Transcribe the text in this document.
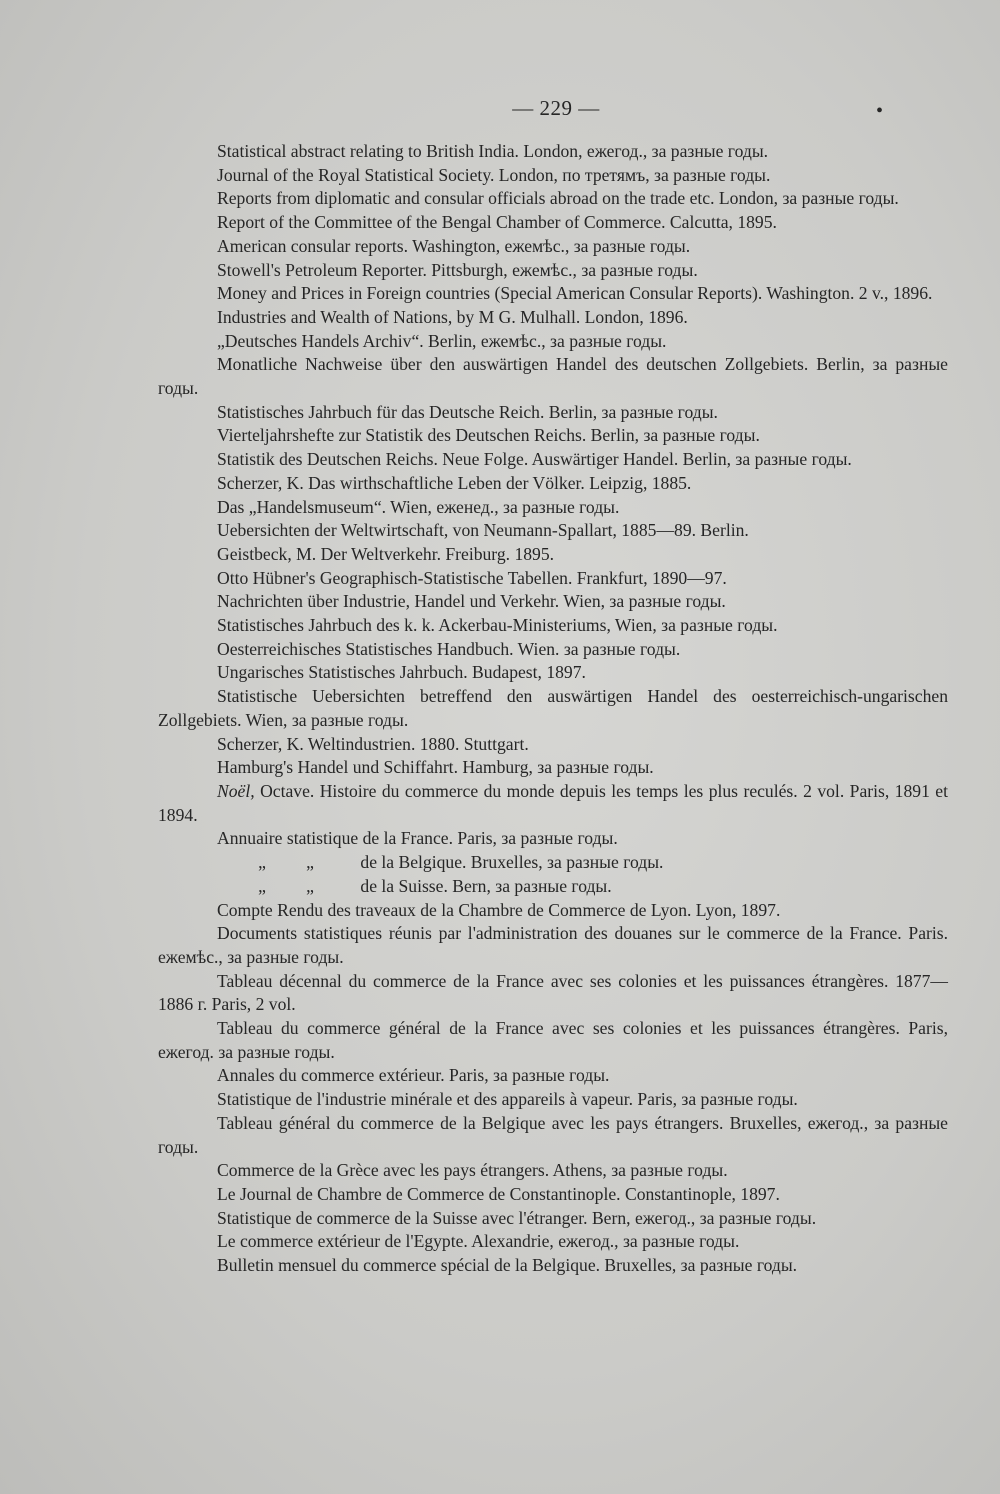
— 229 —	•

Statistical abstract relating to British India. London, ежегод., за разные годы.

Journal of the Royal Statistical Society. London, по третямъ, за разные годы.

Reports from diplomatic and consular officials abroad on the trade etc. London, за разные годы.

Report of the Committee of the Bengal Chamber of Commerce. Calcutta, 1895.

American consular reports. Washington, ежемѣс., за разные годы.

Stowell's Petroleum Reporter. Pittsburgh, ежемѣс., за разные годы.

Money and Prices in Foreign countries (Special American Consular Reports). Washington. 2 v., 1896.

Industries and Wealth of Nations, by M G. Mulhall. London, 1896.

„Deutsches Handels Archiv“. Berlin, ежемѣс., за разные годы.

Monatliche Nachweise über den auswärtigen Handel des deutschen Zollgebiets. Berlin, за разные годы.

Statistisches Jahrbuch für das Deutsche Reich. Berlin, за разные годы.

Vierteljahrshefte zur Statistik des Deutschen Reichs. Berlin, за разные годы.

Statistik des Deutschen Reichs. Neue Folge. Auswärtiger Handel. Berlin, за разные годы.

Scherzer, K. Das wirthschaftliche Leben der Völker. Leipzig, 1885.

Das „Handelsmuseum“. Wien, еженед., за разные годы.

Uebersichten der Weltwirtschaft, von Neumann-Spallart, 1885—89. Berlin.

Geistbeck, M. Der Weltverkehr. Freiburg. 1895.

Otto Hübner's Geographisch-Statistische Tabellen. Frankfurt, 1890—97.

Nachrichten über Industrie, Handel und Verkehr. Wien, за разные годы.

Statistisches Jahrbuch des k. k. Ackerbau-Ministeriums, Wien, за разные годы.

Oesterreichisches Statistisches Handbuch. Wien. за разные годы.

Ungarisches Statistisches Jahrbuch. Budapest, 1897.

Statistische Uebersichten betreffend den auswärtigen Handel des oesterreichisch-ungarischen Zollgebiets. Wien, за разные годы.

Scherzer, K. Weltindustrien. 1880. Stuttgart.

Hamburg's Handel und Schiffahrt. Hamburg, за разные годы.

Noël, Octave. Histoire du commerce du monde depuis les temps les plus reculés. 2 vol. Paris, 1891 et 1894.

Annuaire statistique de la France. Paris, за разные годы.

„ „	de la Belgique. Bruxelles, за разные годы.

„ „	de la Suisse. Bern, за разные годы.

Compte Rendu des traveaux de la Chambre de Commerce de Lyon. Lyon, 1897.

Documents statistiques réunis par l'administration des douanes sur le commerce de la France. Paris. ежемѣс., за разные годы.

Tableau décennal du commerce de la France avec ses colonies et les puissances étrangères. 1877—1886 г. Paris, 2 vol.

Tableau du commerce général de la France avec ses colonies et les puissances étrangères. Paris, ежегод. за разные годы.

Annales du commerce extérieur. Paris, за разные годы.

Statistique de l'industrie minérale et des appareils à vapeur. Paris, за разные годы.

Tableau général du commerce de la Belgique avec les pays étrangers. Bruxelles, ежегод., за разные годы.

Commerce de la Grèce avec les pays étrangers. Athens, за разные годы.

Le Journal de Chambre de Commerce de Constantinople. Constantinople, 1897.

Statistique de commerce de la Suisse avec l'étranger. Bern, ежегод., за разные годы.

Le commerce extérieur de l'Egypte. Alexandrie, ежегод., за разные годы.

Bulletin mensuel du commerce spécial de la Belgique. Bruxelles, за разные годы.
